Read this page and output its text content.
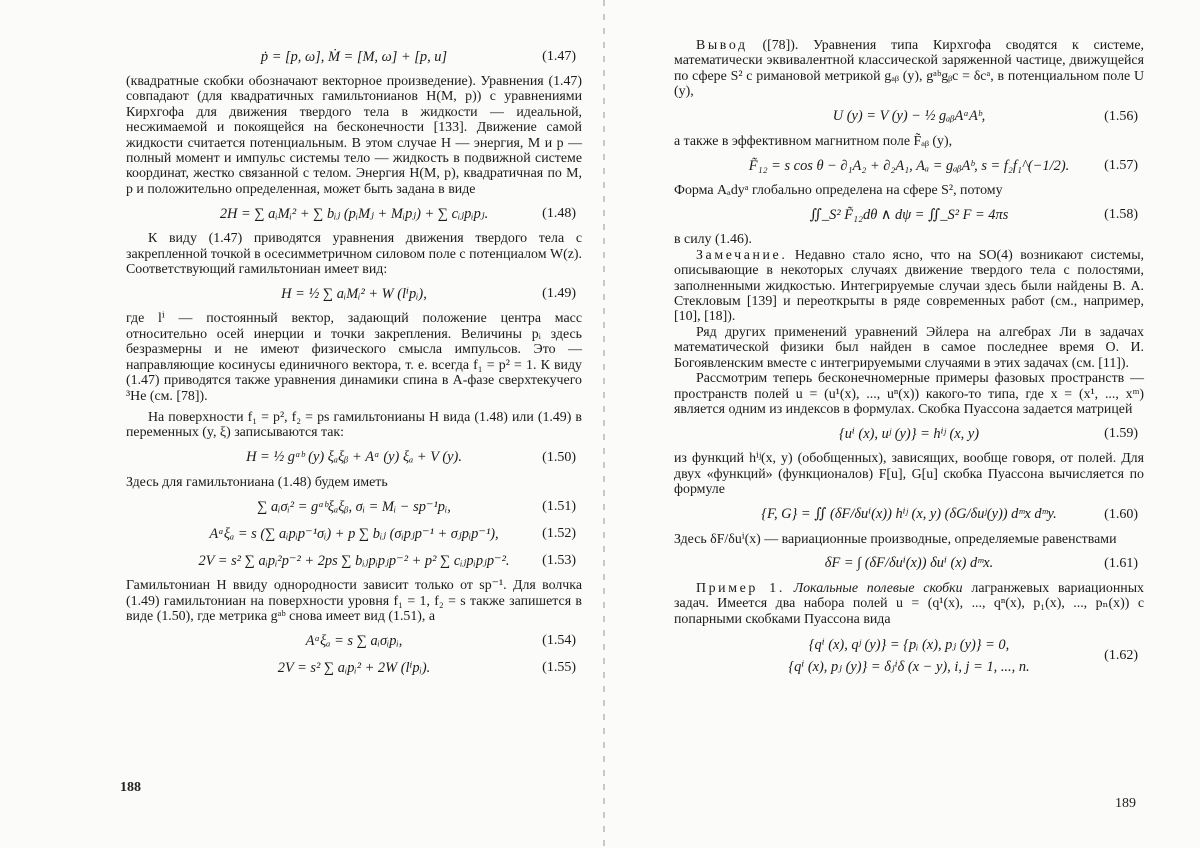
ṗ = [p, ω], Ṁ = [M, ω] + [p, u]	(1.47)

(квадратные скобки обозначают векторное произведение). Уравнения (1.47) совпадают (для квадратичных гамильтонианов H(M, p)) с уравнениями Кирхгофа для движения твердого тела в жидкости — идеальной, несжимаемой и покоящейся на бесконечности [133]. Движение самой жидкости считается потенциальным. В этом случае H — энергия, M и p — полный момент и импульс системы тело — жидкость в подвижной системе координат, жестко связанной с телом. Энергия H(M, p), квадратичная по M, p и положительно определенная, может быть задана в виде

2H = ∑ aᵢMᵢ² + ∑ bᵢⱼ (pᵢMⱼ + Mᵢpⱼ) + ∑ cᵢⱼpᵢpⱼ.	(1.48)

К виду (1.47) приводятся уравнения движения твердого тела с закрепленной точкой в осесимметричном силовом поле с потенциалом W(z). Соответствующий гамильтониан имеет вид:

H = ½ ∑ aᵢMᵢ² + W (lⁱpᵢ),	(1.49)

где lⁱ — постоянный вектор, задающий положение центра масс относительно осей инерции и точки закрепления. Величины pᵢ здесь безразмерны и не имеют физического смысла импульсов. Это — направляющие косинусы единичного вектора, т. е. всегда f₁ = p² = 1. К виду (1.47) приводятся также уравнения динамики спина в A-фазе сверхтекучего ³He (см. [78]).

На поверхности f₁ = p², f₂ = ps гамильтонианы H вида (1.48) или (1.49) в переменных (y, ξ) записываются так:

H = ½ gᵃᵇ (y) ξₐξᵦ + Aᵃ (y) ξₐ + V (y).	(1.50)

Здесь для гамильтониана (1.48) будем иметь

∑ aᵢσᵢ² = gᵃᵇξₐξᵦ, σᵢ = Mᵢ − sp⁻¹pᵢ,	(1.51)
Aᵃξₐ = s (∑ aᵢpᵢp⁻¹σᵢ) + p ∑ bᵢⱼ (σᵢpⱼp⁻¹ + σⱼpᵢp⁻¹),	(1.52)
2V = s² ∑ aᵢpᵢ²p⁻² + 2ps ∑ bᵢⱼpᵢpⱼp⁻² + p² ∑ cᵢⱼpᵢpⱼp⁻². (1.53)

Гамильтониан H ввиду однородности зависит только от sp⁻¹. Для волчка (1.49) гамильтониан на поверхности уровня f₁ = 1, f₂ = s также запишется в виде (1.50), где метрика gᵃᵇ снова имеет вид (1.51), а

Aᵃξₐ = s ∑ aᵢσᵢpᵢ,	(1.54)
2V = s² ∑ aᵢpᵢ² + 2W (lⁱpᵢ).	(1.55)
188

Вывод ([78]). Уравнения типа Кирхгофа сводятся к системе, математически эквивалентной классической заряженной частице, движущейся по сфере S² с римановой метрикой gₐᵦ (y), gᵃᵇgᵦc = δcᵃ, в потенциальном поле U (y),

U (y) = V (y) − ½ gₐᵦAᵃAᵇ,	(1.56)

а также в эффективном магнитном поле F̃ₐᵦ (y),

F̃₁₂ = s cos θ − ∂₁A₂ + ∂₂A₁, Aₐ = gₐᵦAᵇ, s = f₂f₁^(−1/2). (1.57)

Форма Aₐdyᵃ глобально определена на сфере S², потому

∬_S² F̃₁₂dθ ∧ dψ = ∬_S² F = 4πs	(1.58)

в силу (1.46).

Замечание. Недавно стало ясно, что на SO(4) возникают системы, описывающие в некоторых случаях движение твердого тела с полостями, заполненными жидкостью. Интегрируемые случаи здесь были найдены В. А. Стекловым [139] и переоткрыты в ряде современных работ (см., например, [10], [18]).

Ряд других применений уравнений Эйлера на алгебрах Ли в задачах математической физики был найден в самое последнее время О. И. Богоявленским вместе с интегрируемыми случаями в этих задачах (см. [11]).

Рассмотрим теперь бесконечномерные примеры фазовых пространств — пространств полей u = (u¹(x), ..., uⁿ(x)) какого-то типа, где x = (x¹, ..., xᵐ) является одним из индексов в формулах. Скобка Пуассона задается матрицей

{uⁱ (x), uʲ (y)} = hⁱʲ (x, y)	(1.59)

из функций hⁱʲ(x, y) (обобщенных), зависящих, вообще говоря, от полей. Для двух «функций» (функционалов) F[u], G[u] скобка Пуассона вычисляется по формуле

{F, G} = ∬ (δF/δuⁱ(x)) hⁱʲ (x, y) (δG/δuʲ(y)) dᵐx dᵐy.	(1.60)

Здесь δF/δuⁱ(x) — вариационные производные, определяемые равенствами

δF = ∫ (δF/δuⁱ(x)) δuⁱ (x) dᵐx.	(1.61)

Пример 1. Локальные полевые скобки лагранжевых вариационных задач. Имеется два набора полей u = (q¹(x), ..., qⁿ(x), p₁(x), ..., pₙ(x)) с попарными скобками Пуассона вида

{qⁱ (x), qʲ (y)} = {pᵢ (x), pⱼ (y)} = 0,
{qⁱ (x), pⱼ (y)} = δⱼⁱδ (x − y), i, j = 1, ..., n.
(1.62)
189
